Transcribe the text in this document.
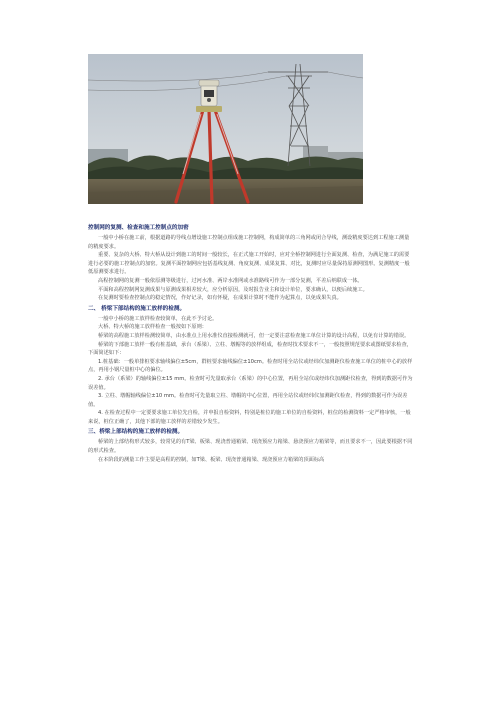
控制网的复测、检查和施工控制点的加密

一般中小桥在施工前，根据道路的导线点增设施工控制点组成施工控制网，构成简单的三角网或闭合导线，测设精度要达到工程施工测量的精度要求。

重要、复杂的大桥、特大桥从设计到施工的时间一般较长，在正式施工开始时，应对全桥控制网进行全面复测、检查，为满足施工的需要进行必要的施工控制点的加密。复测平面控制网应包括基线复测、角度复测、成果复算、对比，复测时应尽量保持原测网图形。复测精度一般低原测要求进行。

高程控制网的复测一般依原测等级进行，过河水准、两岸水准网或水准路线可作为一部分复测，平差后纳联成一体。

平面和高程控制网复测成果与原测成果相差较大，应分析原因，及时报告业主和设计单位，要求确认，以便后续施工。

在复测时要检查控制点的稳定情况，作好记录，如有怀疑，在成果计算时不能作为起算点，以免成果失真。

二、 桥梁下部结构的施工放样的检测。

一般中小桥的施工放样检查较简单，在此不予讨论。

大桥、特大桥的施工放样检查一般按如下原则：

桥梁的高程施工放样检测较简单，由水准点上用水准仪直接检测就可，但一定要注意检查施工单位计算的设计高程，以免有计算的错误。

桥梁的下部施工放样一般有桩基础，承台（系梁）、立柱、墩帽等的放样组成，检查时技术要求不一，一般按照规范要求或图纸要求检查，下面简述如下：

1.桩基础：一般单排桩要求轴线偏位±5cm，群桩要求轴线偏位±10cm。检查时用全站仪或经纬仪加测距仪检查施工单位的桩中心的放样点，再用小钢尺量桩中心的偏位。

2. 承台（系梁）的轴线偏位±15 mm。检查时可先量取承台（系梁）的中心位置，再用全站仪或经纬仪加测距仪检查，得到的数据可作为误差值。

3. 立柱、墩帽轴线偏位±10 mm。检查时可先量取立柱、墩帽的中心位置，再用全站仪或经纬仪加测距仪检查，得到的数据可作为误差值。

4. 在检查过程中一定要要求施工单位先自检，并申报自检资料，特别是桩位的施工单位的自检资料，桩位的检测资料一定严格审核，一般来说，桩位正确了，其他下部的施工放样的差错较少发生。

三、桥梁上部结构的施工放样的检测。

桥梁的上部结构形式较多，较常见的有T梁、板梁、现浇普通箱梁、现浇预应力箱梁、悬浇预应力箱梁等，而且要求不一，因此要根据不同的形式检查。

在本阶段的测量工作主要是高程的控制，如T梁、板梁、现浇普通箱梁、现浇预应力箱梁的顶面标高
